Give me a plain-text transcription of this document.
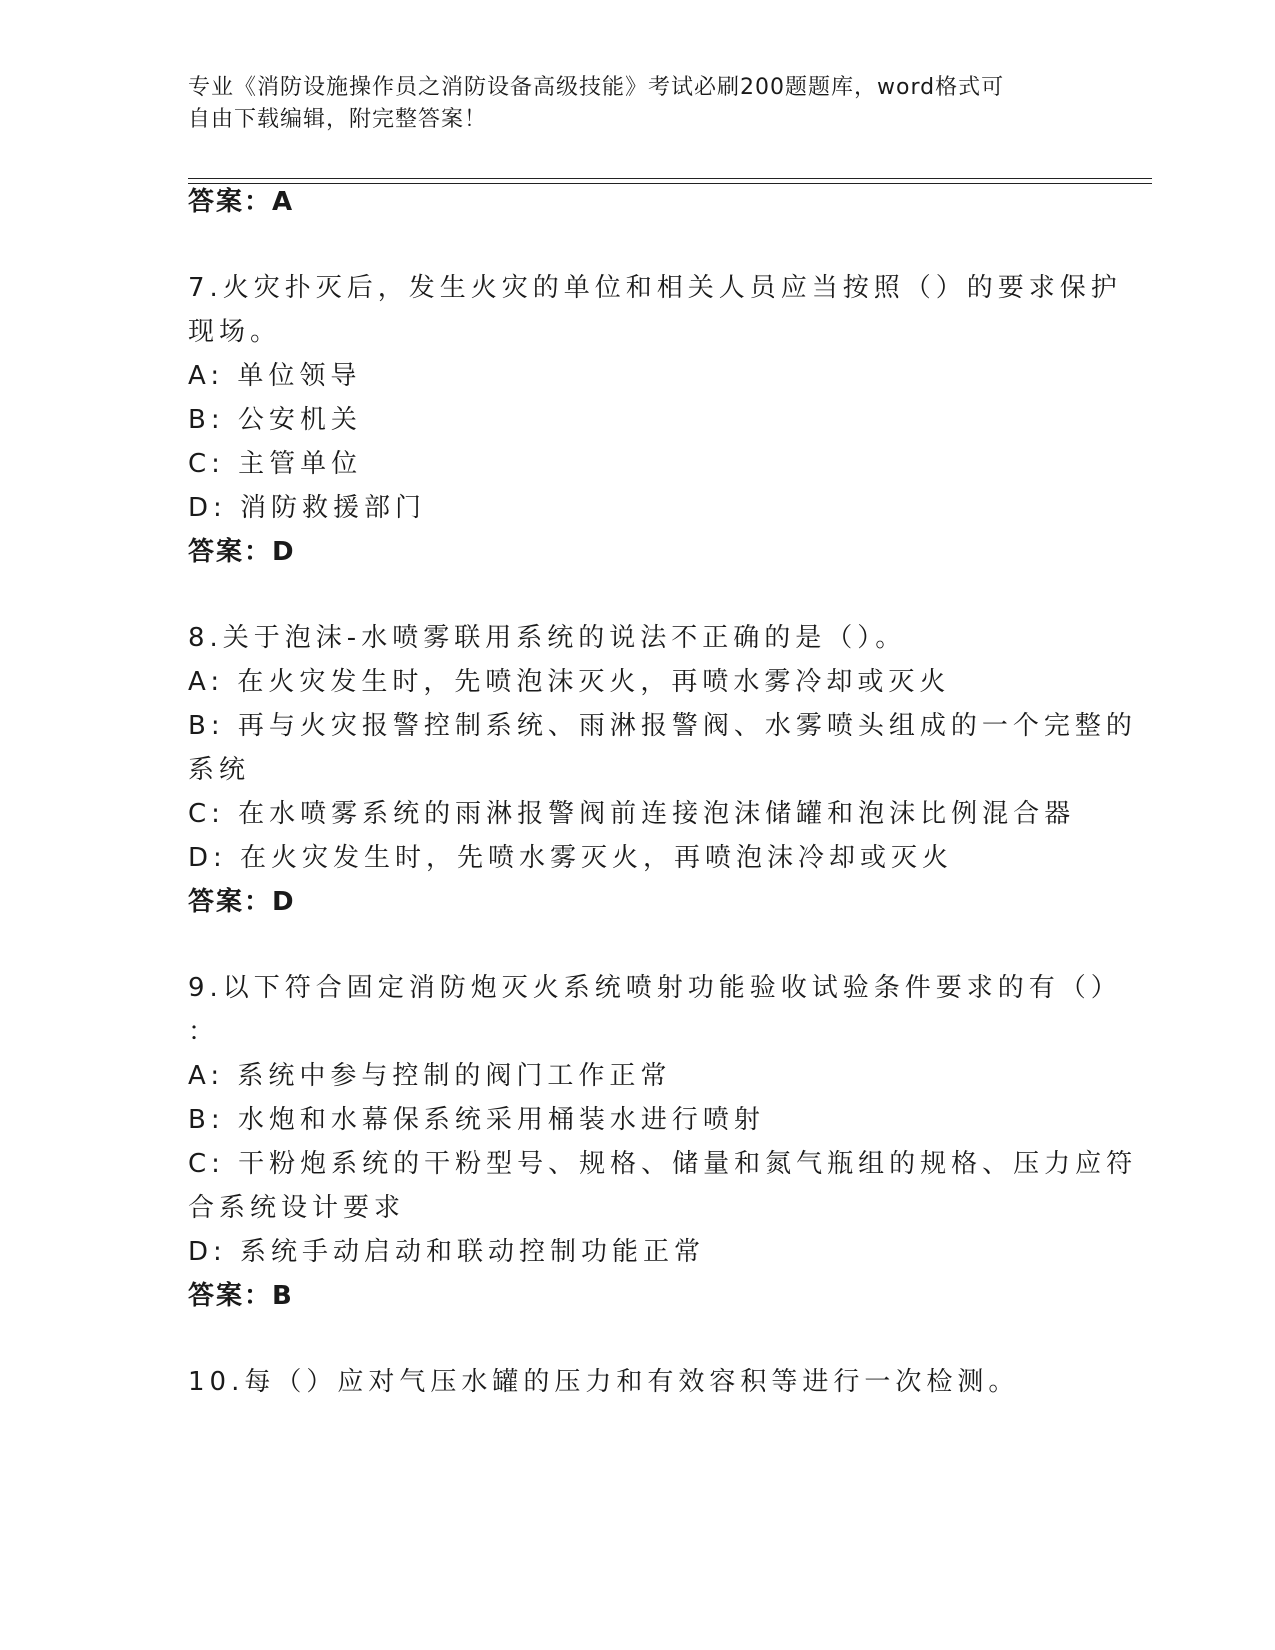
专业《消防设施操作员之消防设备高级技能》考试必刷200题题库，word格式可
自由下载编辑，附完整答案！
答案：A
7.火灾扑灭后，发生火灾的单位和相关人员应当按照（）的要求保护
现场。
A: 单位领导
B: 公安机关
C: 主管单位
D: 消防救援部门
答案：D
8.关于泡沫-水喷雾联用系统的说法不正确的是（）。
A: 在火灾发生时，先喷泡沫灭火，再喷水雾冷却或灭火
B: 再与火灾报警控制系统、雨淋报警阀、水雾喷头组成的一个完整的
系统
C: 在水喷雾系统的雨淋报警阀前连接泡沫储罐和泡沫比例混合器
D: 在火灾发生时，先喷水雾灭火，再喷泡沫冷却或灭火
答案：D
9.以下符合固定消防炮灭火系统喷射功能验收试验条件要求的有（）
：
A: 系统中参与控制的阀门工作正常
B: 水炮和水幕保系统采用桶装水进行喷射
C: 干粉炮系统的干粉型号、规格、储量和氮气瓶组的规格、压力应符
合系统设计要求
D: 系统手动启动和联动控制功能正常
答案：B
10.每（）应对气压水罐的压力和有效容积等进行一次检测。
